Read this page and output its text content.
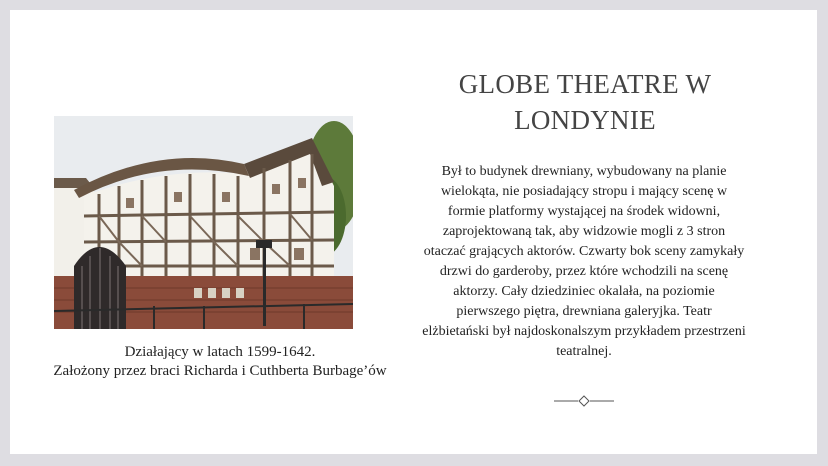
Działający w latach 1599-1642.
Założony przez braci Richarda i Cuthberta Burbage’ów
GLOBE THEATRE W LONDYNIE
Był to budynek drewniany, wybudowany na planie wielokąta, nie posiadający stropu i mający scenę w formie platformy wystającej na środek widowni, zaprojektowaną tak, aby widzowie mogli z 3 stron otaczać grających aktorów. Czwarty bok sceny zamykały drzwi do garderoby, przez które wchodzili na scenę aktorzy. Cały dziedziniec okalała, na poziomie pierwszego piętra, drewniana galeryjka. Teatr elżbietański był najdoskonalszym przykładem przestrzeni teatralnej.
